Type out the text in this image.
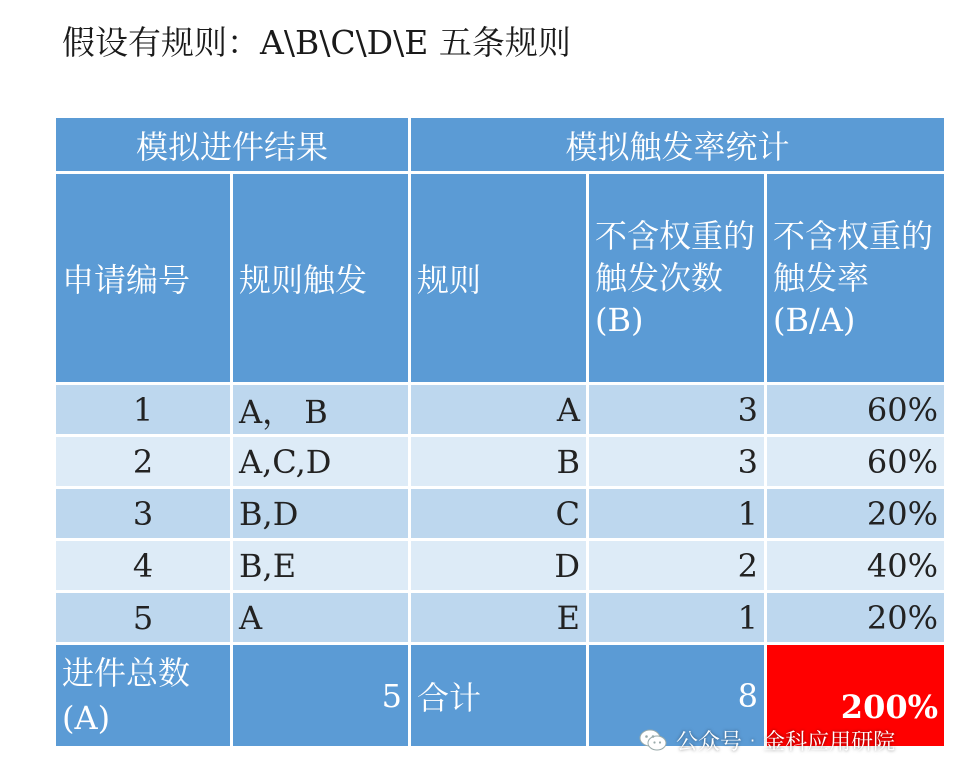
假设有规则：A\B\C\D\E 五条规则
模拟进件结果		模拟触发率统计		
申请编号	规则触发	规则	不含权重的触发次数(B)	不含权重的触发率(B/A)
1	A， B	A	3	60%
2	A,C,D	B	3	60%
3	B,D	C	1	20%
4	B,E	D	2	40%
5	A	E	1	20%
进件总数(A)	5	合计	8	200%
公众号 · 金科应用研院
